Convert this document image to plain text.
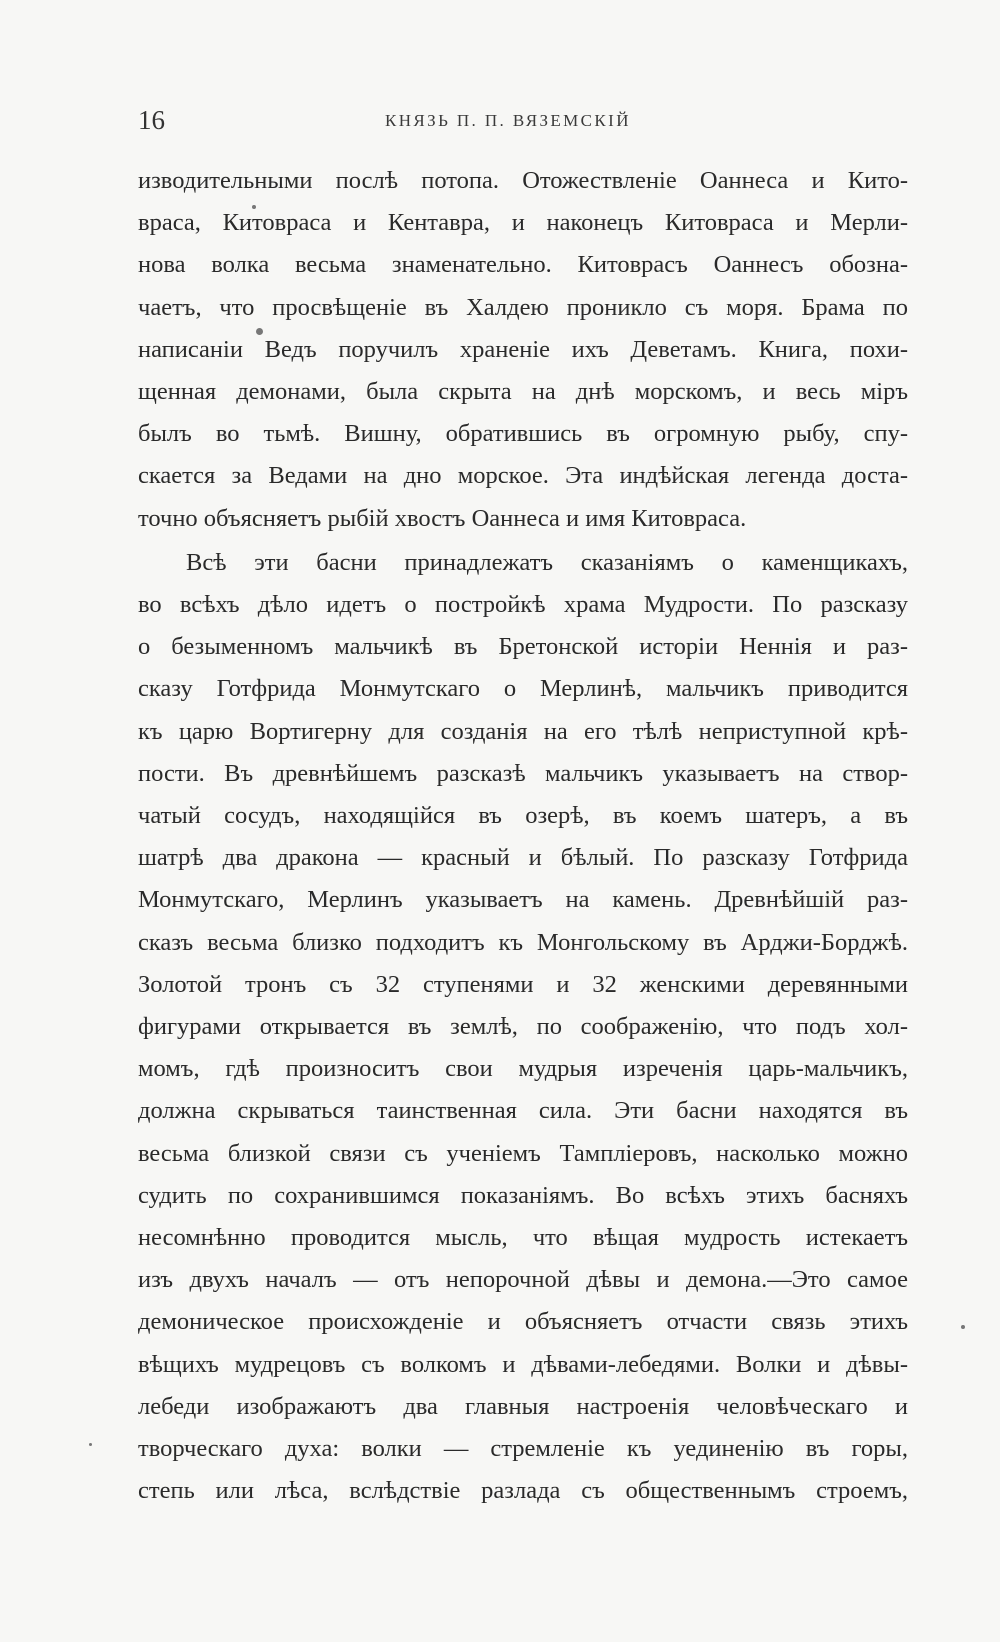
16	КНЯЗЬ П. П. ВЯЗЕМСКІЙ

изводительными послѣ потопа. Отожествленіе Оаннеса и Кито-
враса, Китовраса и Кентавра, и наконецъ Китовраса и Мерли-
нова волка весьма знаменательно. Китоврасъ Оаннесъ обозна-
чаетъ, что просвѣщеніе въ Халдею проникло съ моря. Брама по
написаніи Ведъ поручилъ храненіе ихъ Деветамъ. Книга, похи-
щенная демонами, была скрыта на днѣ морскомъ, и весь міръ
былъ во тьмѣ. Вишну, обратившись въ огромную рыбу, спу-
скается за Ведами на дно морское. Эта индѣйская легенда доста-
точно объясняетъ рыбій хвостъ Оаннеса и имя Китовраса.

Всѣ эти басни принадлежатъ сказаніямъ о каменщикахъ,
во всѣхъ дѣло идетъ о постройкѣ храма Мудрости. По разсказу
о безыменномъ мальчикѣ въ Бретонской исторіи Неннія и раз-
сказу Готфрида Монмутскаго о Мерлинѣ, мальчикъ приводится
къ царю Вортигерну для созданія на его тѣлѣ неприступной крѣ-
пости. Въ древнѣйшемъ разсказѣ мальчикъ указываетъ на створ-
чатый сосудъ, находящійся въ озерѣ, въ коемъ шатеръ, а въ
шатрѣ два дракона — красный и бѣлый. По разсказу Готфрида
Монмутскаго, Мерлинъ указываетъ на камень. Древнѣйшій раз-
сказъ весьма близко подходитъ къ Монгольскому въ Арджи-Борджѣ.
Золотой тронъ съ 32 ступенями и 32 женскими деревянными
фигурами открывается въ землѣ, по соображенію, что подъ хол-
момъ, гдѣ произноситъ свои мудрыя изреченія царь-мальчикъ,
должна скрываться таинственная сила. Эти басни находятся въ
весьма близкой связи съ ученіемъ Тампліеровъ, насколько можно
судить по сохранившимся показаніямъ. Во всѣхъ этихъ басняхъ
несомнѣнно проводится мысль, что вѣщая мудрость истекаетъ
изъ двухъ началъ — отъ непорочной дѣвы и демона.—Это самое
демоническое происхожденіе и объясняетъ отчасти связь этихъ
вѣщихъ мудрецовъ съ волкомъ и дѣвами-лебедями. Волки и дѣвы-
лебеди изображаютъ два главныя настроенія человѣческаго и
творческаго духа: волки — стремленіе къ уединенію въ горы,
степь или лѣса, вслѣдствіе разлада съ общественнымъ строемъ,
